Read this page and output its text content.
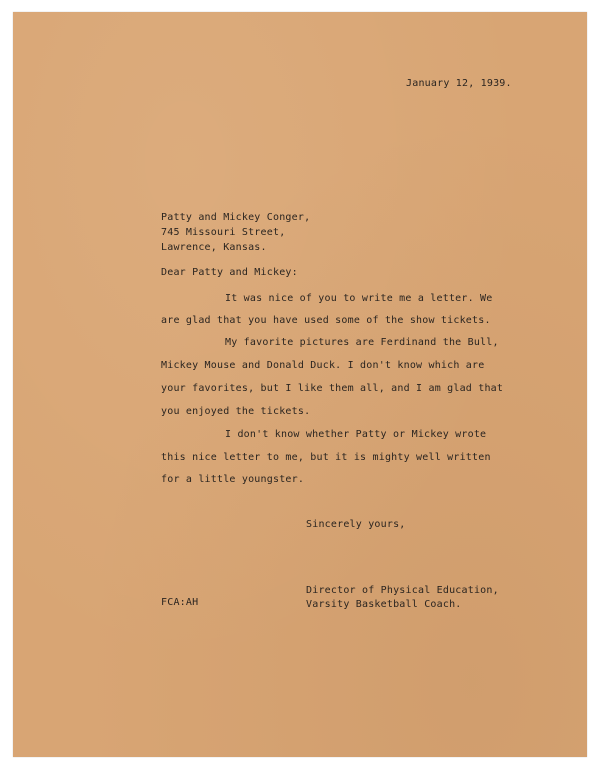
January 12, 1939.
Patty and Mickey Conger,
745 Missouri Street,
Lawrence, Kansas.
Dear Patty and Mickey:
It was nice of you to write me a letter. We
are glad that you have used some of the show tickets.
My favorite pictures are Ferdinand the Bull,
Mickey Mouse and Donald Duck. I don't know which are
your favorites, but I like them all, and I am glad that
you enjoyed the tickets.
I don't know whether Patty or Mickey wrote
this nice letter to me, but it is mighty well written
for a little youngster.
Sincerely yours,
FCA:AH
Director of Physical Education,
Varsity Basketball Coach.
